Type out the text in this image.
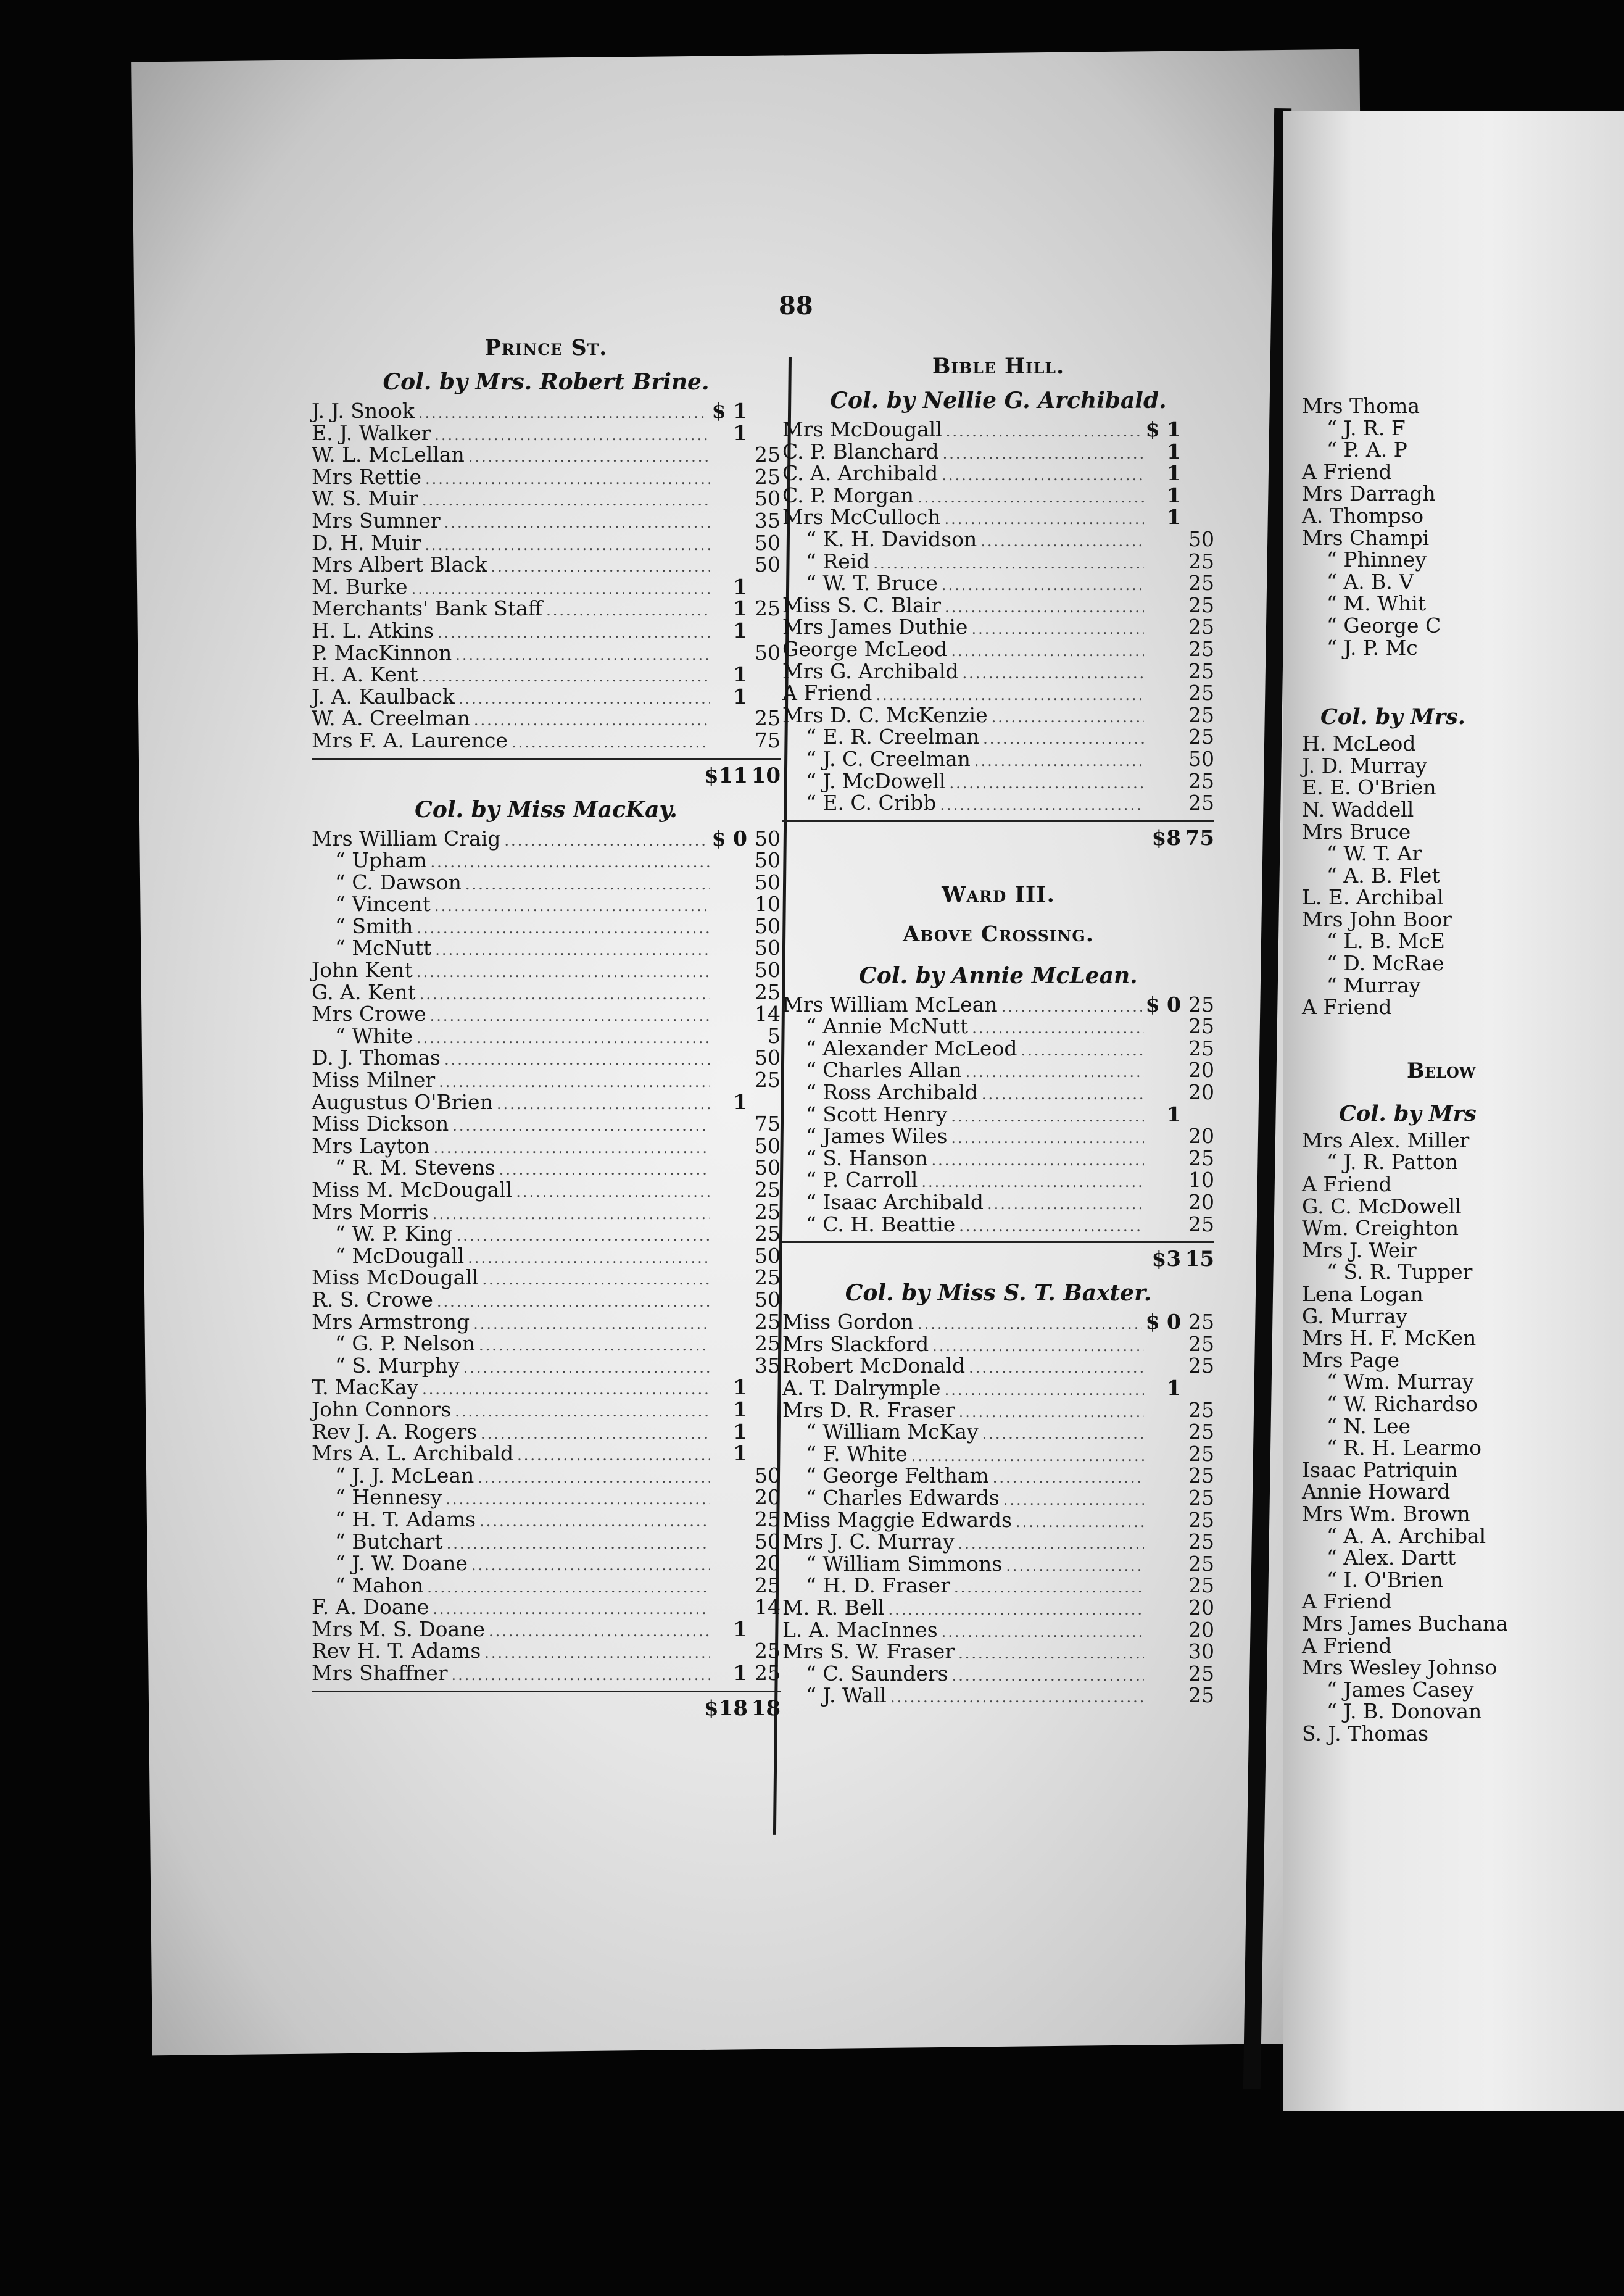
Mrs Thoma
“ J. R. F
“ P. A. P
A Friend
Mrs Darragh
A. Thompso
Mrs Champi
“ Phinney
“ A. B. V
“ M. Whit
“ George C
“ J. P. Mc
Col. by Mrs.
H. McLeod
J. D. Murray
E. E. O'Brien
N. Waddell
Mrs Bruce
“ W. T. Ar
“ A. B. Flet
L. E. Archibal
Mrs John Boor
“ L. B. McE
“ D. McRae
“ Murray
A Friend
Below
Col. by Mrs
Mrs Alex. Miller
“ J. R. Patton
A Friend
G. C. McDowell
Wm. Creighton
Mrs J. Weir
“ S. R. Tupper
Lena Logan
G. Murray
Mrs H. F. McKen
Mrs Page
“ Wm. Murray
“ W. Richardso
“ N. Lee
“ R. H. Learmo
Isaac Patriquin
Annie Howard
Mrs Wm. Brown
“ A. A. Archibal
“ Alex. Dartt
“ I. O'Brien
A Friend
Mrs James Buchana
A Friend
Mrs Wesley Johnso
“ James Casey
“ J. B. Donovan
S. J. Thomas
88
Prince St.
Col. by Mrs. Robert Brine.
J. J. Snook .....	$ 1
E. J. Walker .....	1
W. L. McLellan .....	25
Mrs Rettie .....	25
W. S. Muir .....	50
Mrs Sumner .....	35
D. H. Muir .....	50
Mrs Albert Black .....	50
M. Burke .....	1
Merchants' Bank Staff .....	1 25
H. L. Atkins .....	1
P. MacKinnon .....	50
H. A. Kent .....	1
J. A. Kaulback .....	1
W. A. Creelman .....	25
Mrs F. A. Laurence .....	75
$11 10
Col. by Miss MacKay.
Mrs William Craig .....	$ 0 50
“ Upham .....	50
“ C. Dawson .....	50
“ Vincent .....	10
“ Smith .....	50
“ McNutt .....	50
John Kent .....	50
G. A. Kent .....	25
Mrs Crowe .....	14
“ White .....	5
D. J. Thomas .....	50
Miss Milner .....	25
Augustus O'Brien .....	1
Miss Dickson .....	75
Mrs Layton .....	50
“ R. M. Stevens .....	50
Miss M. McDougall .....	25
Mrs Morris .....	25
“ W. P. King .....	25
“ McDougall .....	50
Miss McDougall .....	25
R. S. Crowe .....	50
Mrs Armstrong .....	25
“ G. P. Nelson .....	25
“ S. Murphy .....	35
T. MacKay .....	1
John Connors .....	1
Rev J. A. Rogers .....	1
Mrs A. L. Archibald .....	1
“ J. J. McLean .....	50
“ Hennesy .....	20
“ H. T. Adams .....	25
“ Butchart .....	50
“ J. W. Doane .....	20
“ Mahon .....	25
F. A. Doane .....	14
Mrs M. S. Doane .....	1
Rev H. T. Adams .....	25
Mrs Shaffner .....	1 25
$18 18
Bible Hill.
Col. by Nellie G. Archibald.
Mrs McDougall .....	$ 1
C. P. Blanchard .....	1
C. A. Archibald .....	1
C. P. Morgan .....	1
Mrs McCulloch .....	1
“ K. H. Davidson .....	50
“ Reid .....	25
“ W. T. Bruce .....	25
Miss S. C. Blair .....	25
Mrs James Duthie .....	25
George McLeod .....	25
Mrs G. Archibald .....	25
A Friend .....	25
Mrs D. C. McKenzie .....	25
“ E. R. Creelman .....	25
“ J. C. Creelman .....	50
“ J. McDowell .....	25
“ E. C. Cribb .....	25
$8 75
Ward III.
Above Crossing.
Col. by Annie McLean.
Mrs William McLean .....	$ 0 25
“ Annie McNutt .....	25
“ Alexander McLeod .....	25
“ Charles Allan .....	20
“ Ross Archibald .....	20
“ Scott Henry .....	1
“ James Wiles .....	20
“ S. Hanson .....	25
“ P. Carroll .....	10
“ Isaac Archibald .....	20
“ C. H. Beattie .....	25
$3 15
Col. by Miss S. T. Baxter.
Miss Gordon .....	$ 0 25
Mrs Slackford .....	25
Robert McDonald .....	25
A. T. Dalrymple .....	1
Mrs D. R. Fraser .....	25
“ William McKay .....	25
“ F. White .....	25
“ George Feltham .....	25
“ Charles Edwards .....	25
Miss Maggie Edwards .....	25
Mrs J. C. Murray .....	25
“ William Simmons .....	25
“ H. D. Fraser .....	25
M. R. Bell .....	20
L. A. MacInnes .....	20
Mrs S. W. Fraser .....	30
“ C. Saunders .....	25
“ J. Wall .....	25
